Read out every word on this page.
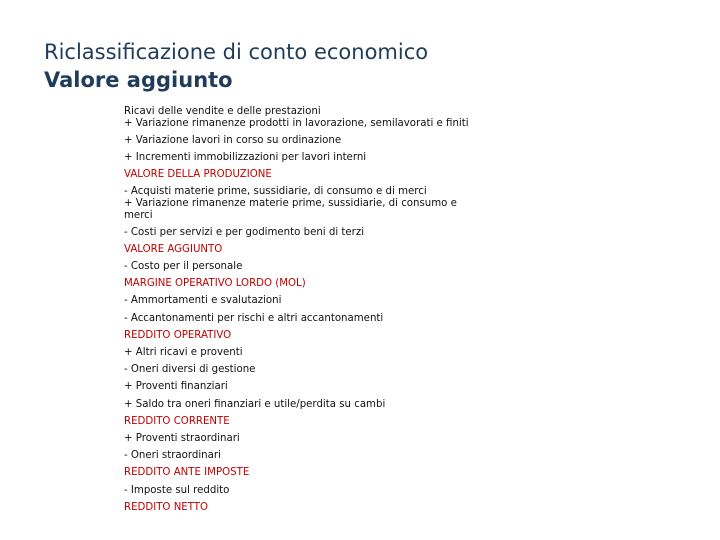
Riclassificazione di conto economico
Valore aggiunto
Ricavi delle vendite e delle prestazioni
+ Variazione rimanenze prodotti in lavorazione, semilavorati e finiti
+ Variazione lavori in corso su ordinazione
+ Incrementi immobilizzazioni per lavori interni
VALORE DELLA PRODUZIONE
- Acquisti materie prime, sussidiarie, di consumo e di merci
+ Variazione rimanenze materie prime, sussidiarie, di consumo e merci
- Costi per servizi e per godimento beni di terzi
VALORE AGGIUNTO
- Costo per il personale
MARGINE OPERATIVO LORDO (MOL)
- Ammortamenti e svalutazioni
- Accantonamenti per rischi e altri accantonamenti
REDDITO OPERATIVO
+ Altri ricavi e proventi
- Oneri diversi di gestione
+ Proventi finanziari
+ Saldo tra oneri finanziari e utile/perdita su cambi
REDDITO CORRENTE
+ Proventi straordinari
- Oneri straordinari
REDDITO ANTE IMPOSTE
- Imposte sul reddito
REDDITO NETTO
